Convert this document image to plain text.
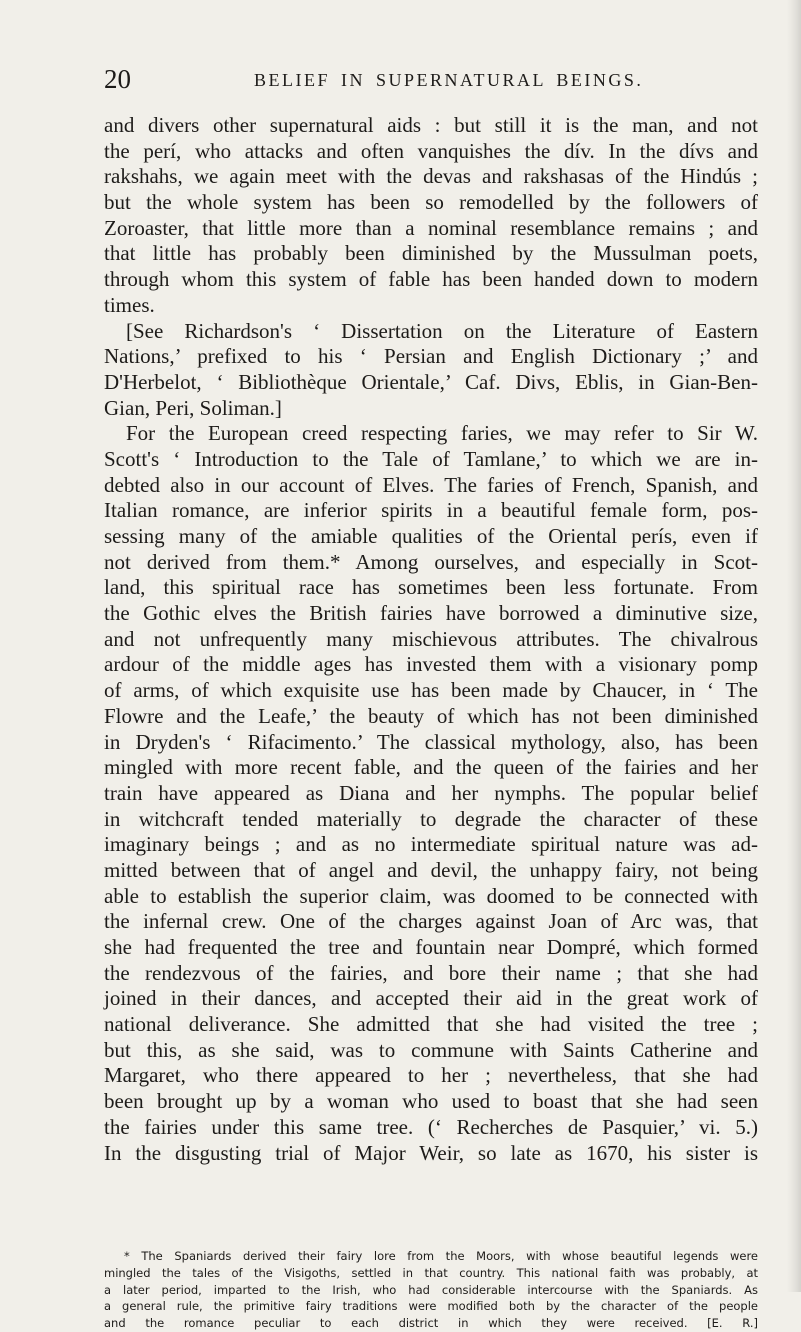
20	BELIEF IN SUPERNATURAL BEINGS.
and divers other supernatural aids : but still it is the man, and not
the perí, who attacks and often vanquishes the dív. In the dívs and
rakshahs, we again meet with the devas and rakshasas of the Hindús ;
but the whole system has been so remodelled by the followers of
Zoroaster, that little more than a nominal resemblance remains ; and
that little has probably been diminished by the Mussulman poets,
through whom this system of fable has been handed down to modern
times.
[See Richardson's ‘ Dissertation on the Literature of Eastern
Nations,’ prefixed to his ‘ Persian and English Dictionary ;’ and
D'Herbelot, ‘ Bibliothèque Orientale,’ Caf. Divs, Eblis, in Gian-Ben-
Gian, Peri, Soliman.]
For the European creed respecting faries, we may refer to Sir W.
Scott's ‘ Introduction to the Tale of Tamlane,’ to which we are in-
debted also in our account of Elves. The faries of French, Spanish, and
Italian romance, are inferior spirits in a beautiful female form, pos-
sessing many of the amiable qualities of the Oriental perís, even if
not derived from them.* Among ourselves, and especially in Scot-
land, this spiritual race has sometimes been less fortunate. From
the Gothic elves the British fairies have borrowed a diminutive size,
and not unfrequently many mischievous attributes. The chivalrous
ardour of the middle ages has invested them with a visionary pomp
of arms, of which exquisite use has been made by Chaucer, in ‘ The
Flowre and the Leafe,’ the beauty of which has not been diminished
in Dryden's ‘ Rifacimento.’ The classical mythology, also, has been
mingled with more recent fable, and the queen of the fairies and her
train have appeared as Diana and her nymphs. The popular belief
in witchcraft tended materially to degrade the character of these
imaginary beings ; and as no intermediate spiritual nature was ad-
mitted between that of angel and devil, the unhappy fairy, not being
able to establish the superior claim, was doomed to be connected with
the infernal crew. One of the charges against Joan of Arc was, that
she had frequented the tree and fountain near Dompré, which formed
the rendezvous of the fairies, and bore their name ; that she had
joined in their dances, and accepted their aid in the great work of
national deliverance. She admitted that she had visited the tree ;
but this, as she said, was to commune with Saints Catherine and
Margaret, who there appeared to her ; nevertheless, that she had
been brought up by a woman who used to boast that she had seen
the fairies under this same tree. (‘ Recherches de Pasquier,’ vi. 5.)
In the disgusting trial of Major Weir, so late as 1670, his sister is
* The Spaniards derived their fairy lore from the Moors, with whose beautiful legends were
mingled the tales of the Visigoths, settled in that country. This national faith was probably, at
a later period, imparted to the Irish, who had considerable intercourse with the Spaniards. As
a general rule, the primitive fairy traditions were modified both by the character of the people
and the romance peculiar to each district in which they were received. [E. R.]
